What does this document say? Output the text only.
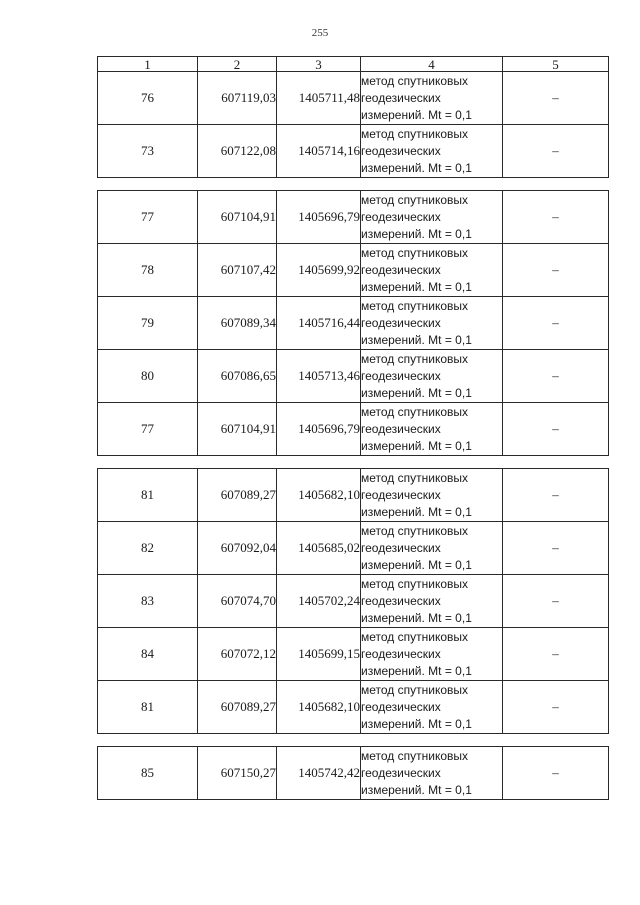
255
1	2	3	4	5
76	607119,03	1405711,48	метод спутниковых
геодезических
измерений. Mt = 0,1	–
73	607122,08	1405714,16	метод спутниковых
геодезических
измерений. Mt = 0,1	–

77	607104,91	1405696,79	метод спутниковых
геодезических
измерений. Mt = 0,1	–
78	607107,42	1405699,92	метод спутниковых
геодезических
измерений. Mt = 0,1	–
79	607089,34	1405716,44	метод спутниковых
геодезических
измерений. Mt = 0,1	–
80	607086,65	1405713,46	метод спутниковых
геодезических
измерений. Mt = 0,1	–
77	607104,91	1405696,79	метод спутниковых
геодезических
измерений. Mt = 0,1	–

81	607089,27	1405682,10	метод спутниковых
геодезических
измерений. Mt = 0,1	–
82	607092,04	1405685,02	метод спутниковых
геодезических
измерений. Mt = 0,1	–
83	607074,70	1405702,24	метод спутниковых
геодезических
измерений. Mt = 0,1	–
84	607072,12	1405699,15	метод спутниковых
геодезических
измерений. Mt = 0,1	–
81	607089,27	1405682,10	метод спутниковых
геодезических
измерений. Mt = 0,1	–

85	607150,27	1405742,42	метод спутниковых
геодезических
измерений. Mt = 0,1	–
